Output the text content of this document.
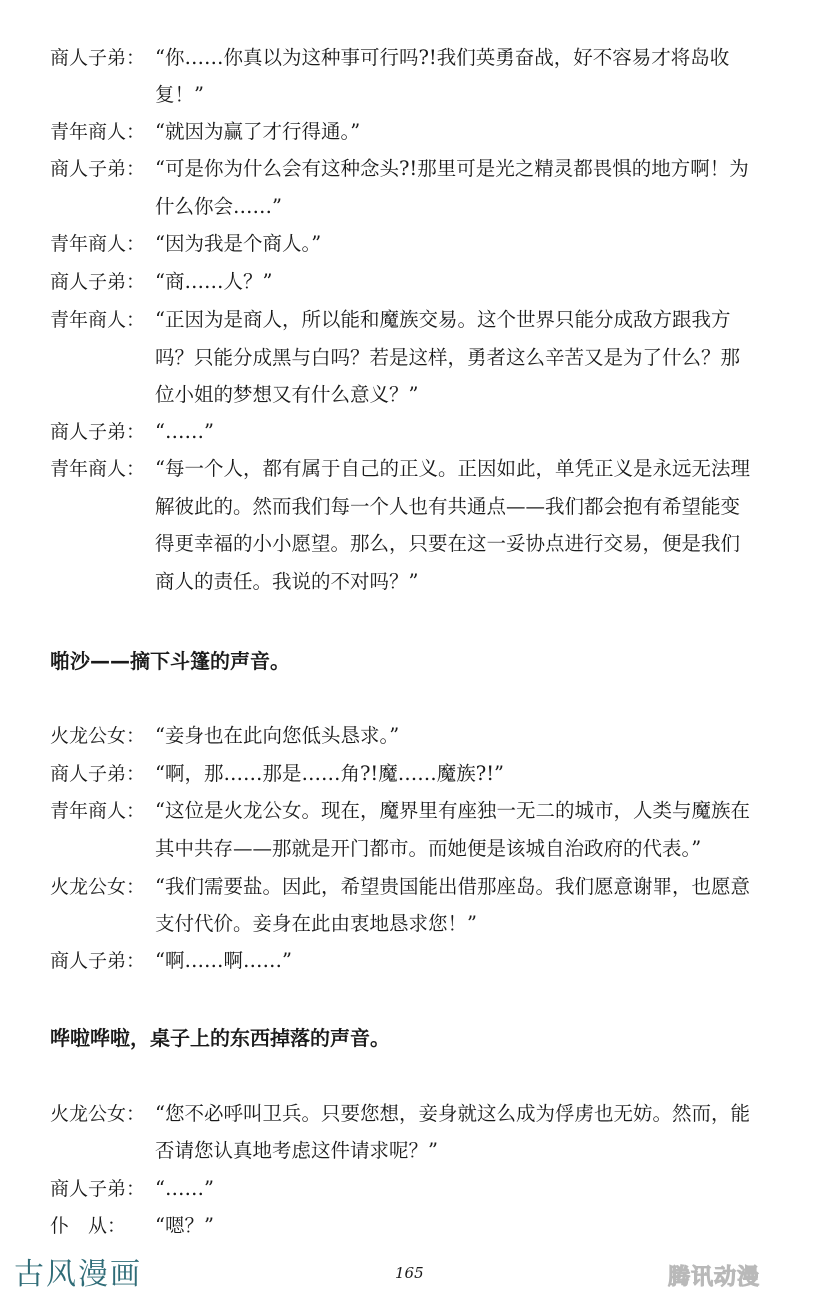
商人子弟： “你……你真以为这种事可行吗?!我们英勇奋战，好不容易才将岛收
复！”
青年商人： “就因为赢了才行得通。”
商人子弟： “可是你为什么会有这种念头?!那里可是光之精灵都畏惧的地方啊！为
什么你会……”
青年商人： “因为我是个商人。”
商人子弟： “商……人？”
青年商人： “正因为是商人，所以能和魔族交易。这个世界只能分成敌方跟我方
吗？只能分成黑与白吗？若是这样，勇者这么辛苦又是为了什么？那
位小姐的梦想又有什么意义？”
商人子弟： “……”
青年商人： “每一个人，都有属于自己的正义。正因如此，单凭正义是永远无法理
解彼此的。然而我们每一个人也有共通点——我们都会抱有希望能变
得更幸福的小小愿望。那么，只要在这一妥协点进行交易，便是我们
商人的责任。我说的不对吗？”
啪沙——摘下斗篷的声音。
火龙公女： “妾身也在此向您低头恳求。”
商人子弟： “啊，那……那是……角?!魔……魔族?!”
青年商人： “这位是火龙公女。现在，魔界里有座独一无二的城市，人类与魔族在
其中共存——那就是开门都市。而她便是该城自治政府的代表。”
火龙公女： “我们需要盐。因此，希望贵国能出借那座岛。我们愿意谢罪，也愿意
支付代价。妾身在此由衷地恳求您！”
商人子弟： “啊……啊……”
哗啦哗啦，桌子上的东西掉落的声音。
火龙公女： “您不必呼叫卫兵。只要您想，妾身就这么成为俘虏也无妨。然而，能
否请您认真地考虑这件请求呢？”
商人子弟： “……”
仆　从： “嗯？”
165
古风漫画	腾讯动漫
